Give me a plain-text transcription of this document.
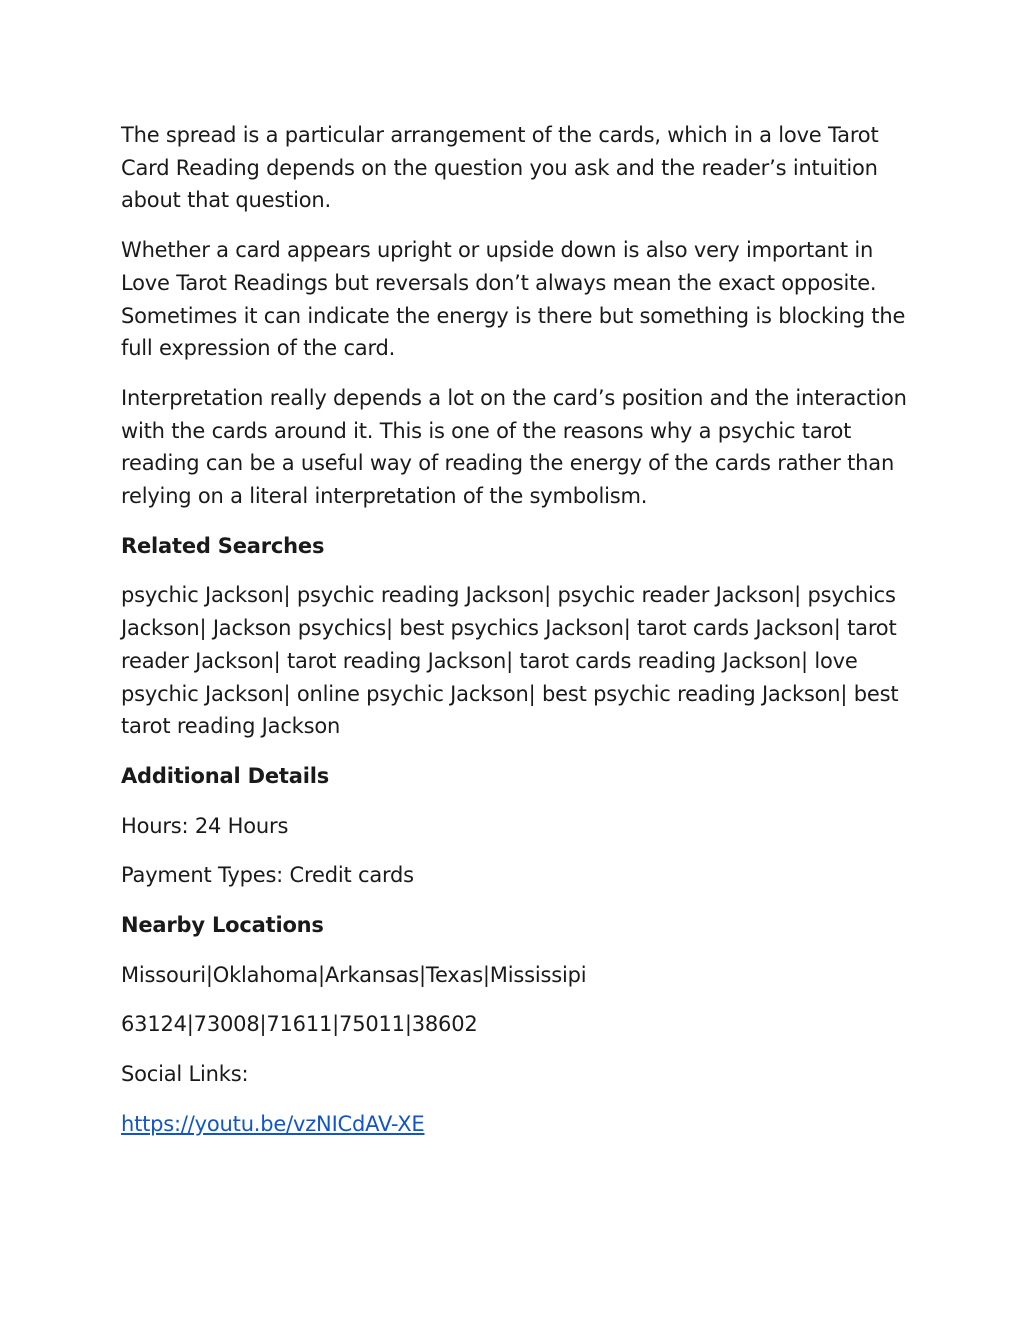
The spread is a particular arrangement of the cards, which in a love Tarot Card Reading depends on the question you ask and the reader’s intuition about that question.

Whether a card appears upright or upside down is also very important in Love Tarot Readings but reversals don’t always mean the exact opposite. Sometimes it can indicate the energy is there but something is blocking the full expression of the card.

Interpretation really depends a lot on the card’s position and the interaction with the cards around it. This is one of the reasons why a psychic tarot reading can be a useful way of reading the energy of the cards rather than relying on a literal interpretation of the symbolism.

Related Searches

psychic Jackson| psychic reading Jackson| psychic reader Jackson| psychics Jackson| Jackson psychics| best psychics Jackson| tarot cards Jackson| tarot reader Jackson| tarot reading Jackson| tarot cards reading Jackson| love psychic Jackson| online psychic Jackson| best psychic reading Jackson| best tarot reading Jackson

Additional Details

Hours: 24 Hours

Payment Types: Credit cards

Nearby Locations

Missouri|Oklahoma|Arkansas|Texas|Mississipi

63124|73008|71611|75011|38602

Social Links:

https://youtu.be/vzNICdAV-XE
